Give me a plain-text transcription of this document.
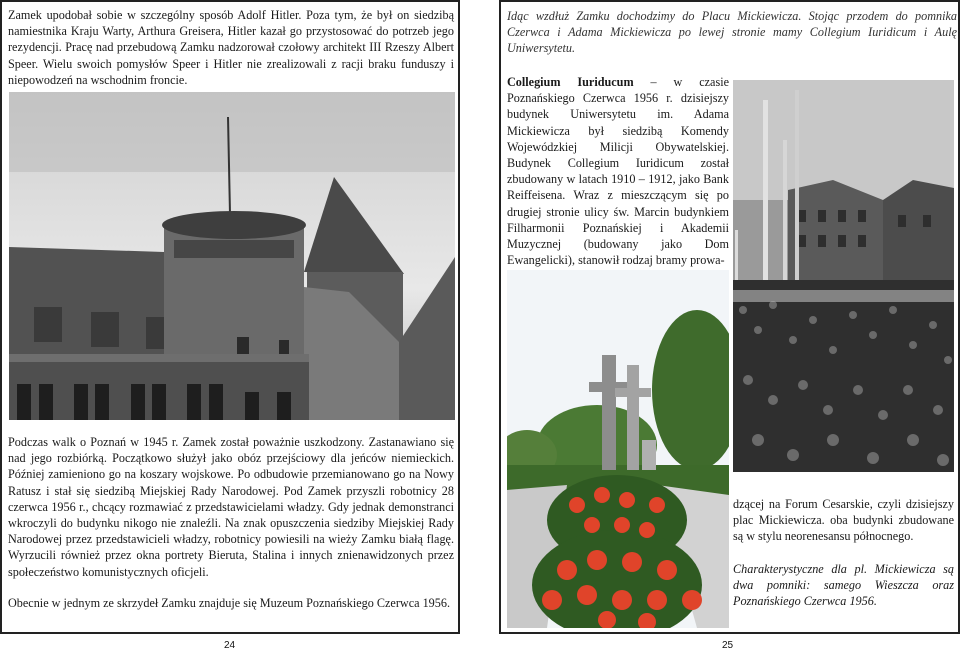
Zamek upodobał sobie w szczególny sposób Adolf Hitler. Poza tym, że był on siedzibą namiestnika Kraju Warty, Arthura Greisera, Hitler kazał go przystosować do potrzeb jego rezydencji. Pracę nad przebudową Zamku nadzorował czołowy architekt III Rzeszy Albert Speer. Wielu swoich pomysłów Speer i Hitler nie zrealizowali z racji braku funduszy i niepowodzeń na wschodnim froncie.

Podczas walk o Poznań w 1945 r. Zamek został poważnie uszkodzony. Zastanawiano się nad jego rozbiórką. Początkowo służył jako obóz przejściowy dla jeńców niemieckich. Później zamieniono go na koszary wojskowe. Po odbudowie przemianowano go na Nowy Ratusz i stał się siedzibą Miejskiej Rady Narodowej. Pod Zamek przyszli robotnicy 28 czerwca 1956 r., chcący rozmawiać z przedstawicielami władzy. Gdy jednak demonstranci wkroczyli do budynku nikogo nie znaleźli. Na znak opuszczenia siedziby Miejskiej Rady Narodowej przez przedstawicieli władzy, robotnicy powiesili na wieży Zamku białą flagę. Wyrzucili również przez okna portrety Bieruta, Stalina i innych znienawidzonych przez społeczeństwo komunistycznych oficjeli.

Obecnie w jednym ze skrzydeł Zamku znajduje się Muzeum Poznańskiego Czerwca 1956.

24

Idąc wzdłuż Zamku dochodzimy do Placu Mickiewicza. Stojąc przodem do pomnika Czerwca i Adama Mickiewicza po lewej stronie mamy Collegium Iuridicum i Aulę Uniwersytetu.

Collegium Iuriducum – w czasie Poznańskiego Czerwca 1956 r. dzisiejszy budynek Uniwersytetu im. Adama Mickiewicza był siedzibą Komendy Wojewódzkiej Milicji Obywatelskiej. Budynek Collegium Iuridicum został zbudowany w latach 1910 – 1912, jako Bank Reiffeisena. Wraz z mieszczącym się po drugiej stronie ulicy św. Marcin budynkiem Filharmonii Poznańskiej i Akademii Muzycznej (budowany jako Dom Ewangelicki), stanowił rodzaj bramy prowa-

dzącej na Forum Cesarskie, czyli dzisiejszy plac Mickiewicza. oba budynki zbudowane są w stylu neorenesansu północnego.

Charakterystyczne dla pl. Mickiewicza są dwa pomniki: samego Wieszcza oraz Poznańskiego Czerwca 1956.

25
